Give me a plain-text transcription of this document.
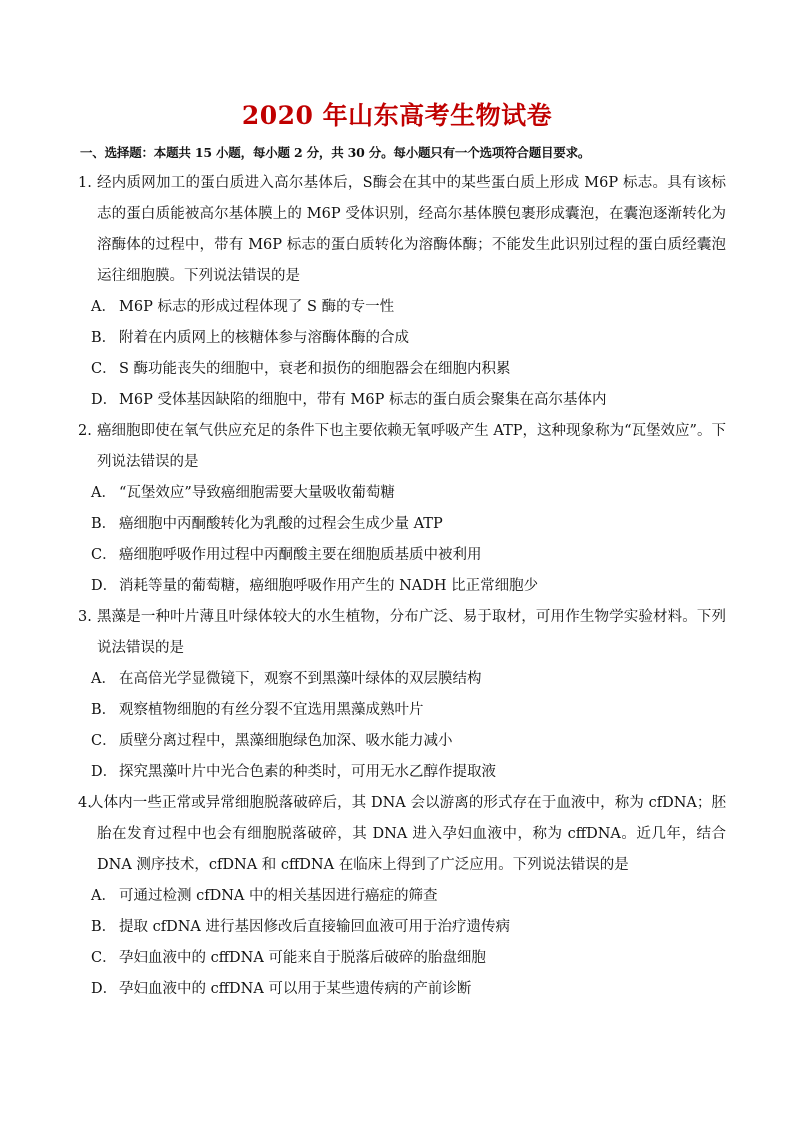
2020 年山东高考生物试卷
一、选择题：本题共 15 小题，每小题 2 分，共 30 分。每小题只有一个选项符合题目要求。
1. 经内质网加工的蛋白质进入高尔基体后，S酶会在其中的某些蛋白质上形成 M6P 标志。具有该标志的蛋白质能被高尔基体膜上的 M6P 受体识别，经高尔基体膜包裹形成囊泡，在囊泡逐渐转化为溶酶体的过程中，带有 M6P 标志的蛋白质转化为溶酶体酶；不能发生此识别过程的蛋白质经囊泡运往细胞膜。下列说法错误的是
A． M6P 标志的形成过程体现了 S 酶的专一性
B． 附着在内质网上的核糖体参与溶酶体酶的合成
C． S 酶功能丧失的细胞中，衰老和损伤的细胞器会在细胞内积累
D． M6P 受体基因缺陷的细胞中，带有 M6P 标志的蛋白质会聚集在高尔基体内
2. 癌细胞即使在氧气供应充足的条件下也主要依赖无氧呼吸产生 ATP，这种现象称为“瓦堡效应”。下列说法错误的是
A． “瓦堡效应”导致癌细胞需要大量吸收葡萄糖
B． 癌细胞中丙酮酸转化为乳酸的过程会生成少量 ATP
C． 癌细胞呼吸作用过程中丙酮酸主要在细胞质基质中被利用
D． 消耗等量的葡萄糖，癌细胞呼吸作用产生的 NADH 比正常细胞少
3. 黑藻是一种叶片薄且叶绿体较大的水生植物，分布广泛、易于取材，可用作生物学实验材料。下列说法错误的是
A． 在高倍光学显微镜下，观察不到黑藻叶绿体的双层膜结构
B． 观察植物细胞的有丝分裂不宜选用黑藻成熟叶片
C． 质壁分离过程中，黑藻细胞绿色加深、吸水能力减小
D． 探究黑藻叶片中光合色素的种类时，可用无水乙醇作提取液
4.
人体内一些正常或异常细胞脱落破碎后，其 DNA 会以游离的形式存在于血液中，称为 cfDNA；胚胎在发育过程中也会有细胞脱落破碎，其 DNA 进入孕妇血液中，称为 cffDNA。近几年，结合 DNA 测序技术，cfDNA 和 cffDNA 在临床上得到了广泛应用。下列说法错误的是
A． 可通过检测 cfDNA 中的相关基因进行癌症的筛查
B． 提取 cfDNA 进行基因修改后直接输回血液可用于治疗遗传病
C． 孕妇血液中的 cffDNA 可能来自于脱落后破碎的胎盘细胞
D． 孕妇血液中的 cffDNA 可以用于某些遗传病的产前诊断
